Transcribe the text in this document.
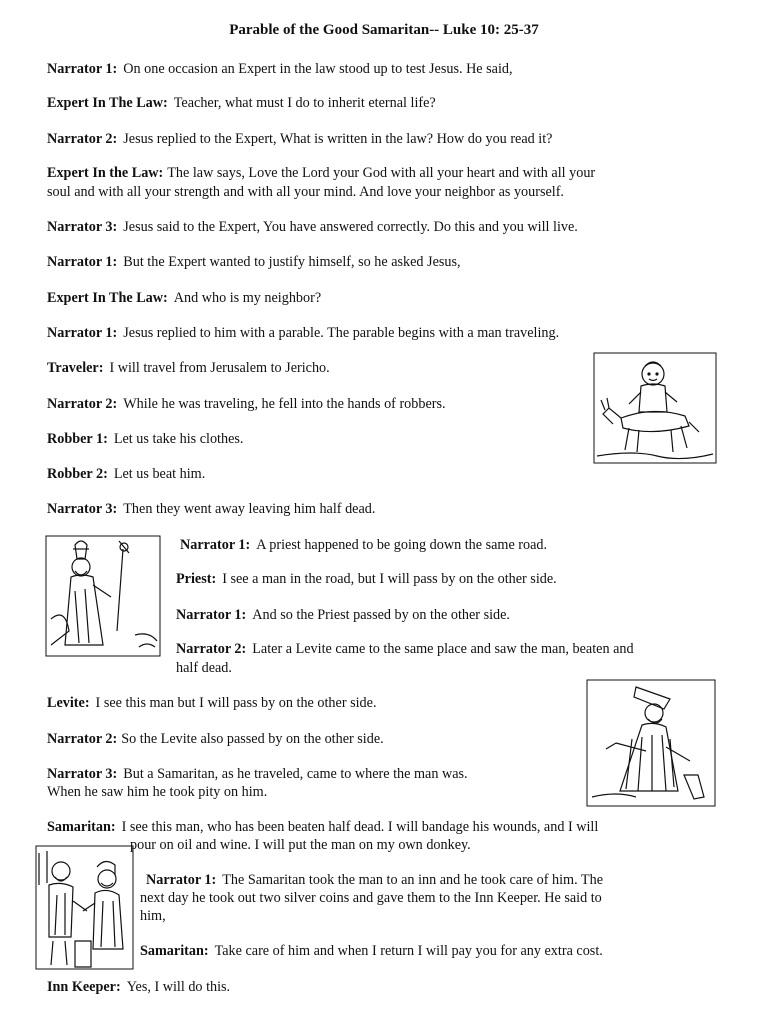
Parable of the Good Samaritan-- Luke 10: 25-37
Narrator 1: On one occasion an Expert in the law stood up to test Jesus. He said,
Expert In The Law: Teacher, what must I do to inherit eternal life?
Narrator 2: Jesus replied to the Expert, What is written in the law? How do you read it?
Expert In the Law: The law says, Love the Lord your God with all your heart and with all your
soul and with all your strength and with all your mind. And love your neighbor as yourself.
Narrator 3: Jesus said to the Expert, You have answered correctly. Do this and you will live.
Narrator 1: But the Expert wanted to justify himself, so he asked Jesus,
Expert In The Law: And who is my neighbor?
Narrator 1: Jesus replied to him with a parable. The parable begins with a man traveling.
Traveler: I will travel from Jerusalem to Jericho.
Narrator 2: While he was traveling, he fell into the hands of robbers.
Robber 1: Let us take his clothes.
Robber 2: Let us beat him.
Narrator 3: Then they went away leaving him half dead.
Narrator 1: A priest happened to be going down the same road.
Priest: I see a man in the road, but I will pass by on the other side.
Narrator 1: And so the Priest passed by on the other side.
Narrator 2: Later a Levite came to the same place and saw the man, beaten and
half dead.
Levite: I see this man but I will pass by on the other side.
Narrator 2: So the Levite also passed by on the other side.
Narrator 3: But a Samaritan, as he traveled, came to where the man was.
When he saw him he took pity on him.
Samaritan: I see this man, who has been beaten half dead. I will bandage his wounds, and I will
pour on oil and wine. I will put the man on my own donkey.
Narrator 1: The Samaritan took the man to an inn and he took care of him. The
next day he took out two silver coins and gave them to the Inn Keeper. He said to
him,
Samaritan: Take care of him and when I return I will pay you for any extra cost.
Inn Keeper: Yes, I will do this.
